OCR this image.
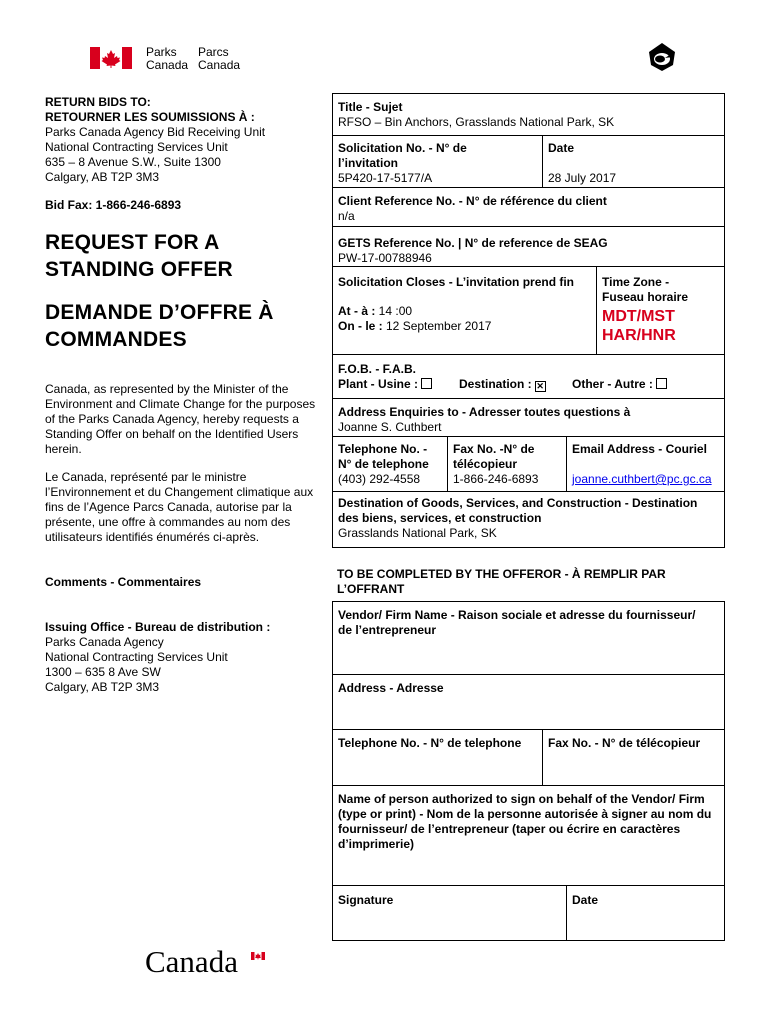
Parks
Canada
Parcs
Canada
RETURN BIDS TO:
RETOURNER LES SOUMISSIONS À :
Parks Canada Agency Bid Receiving Unit
National Contracting Services Unit
635 – 8 Avenue S.W., Suite 1300
Calgary, AB T2P 3M3
Bid Fax: 1-866-246-6893
REQUEST FOR A
STANDING OFFER
DEMANDE D’OFFRE À
COMMANDES
Canada, as represented by the Minister of the Environment and Climate Change for the purposes of the Parks Canada Agency, hereby requests a Standing Offer on behalf on the Identified Users herein.
Le Canada, représenté par le ministre l’Environnement et du Changement climatique aux fins de l’Agence Parcs Canada, autorise par la présente, une offre à commandes au nom des utilisateurs identifiés énumérés ci-après.
Comments - Commentaires
Issuing Office - Bureau de distribution :
Parks Canada Agency
National Contracting Services Unit
1300 – 635 8 Ave SW
Calgary, AB T2P 3M3
Title - Sujet
RFSO – Bin Anchors, Grasslands National Park, SK
Solicitation No. - N° de
l’invitation
5P420-17-5177/A
Date
28 July 2017
Client Reference No. - N° de référence du client
n/a
GETS Reference No. | N° de reference de SEAG
PW-17-00788946
Solicitation Closes - L’invitation prend fin
At - à : 14 :00
On - le : 12 September 2017
Time Zone -
Fuseau horaire
MDT/MST
HAR/HNR
F.O.B. - F.A.B.
Plant - Usine :	Destination : ✕ Other - Autre :
Address Enquiries to - Adresser toutes questions à
Joanne S. Cuthbert
Telephone No. -
N° de telephone
(403) 292-4558
Fax No. -N° de
télécopieur
1-866-246-6893
Email Address - Couriel
joanne.cuthbert@pc.gc.ca
Destination of Goods, Services, and Construction - Destination
des biens, services, et construction
Grasslands National Park, SK
TO BE COMPLETED BY THE OFFEROR - À REMPLIR PAR
L’OFFRANT
Vendor/ Firm Name - Raison sociale et adresse du fournisseur/
de l’entrepreneur
Address - Adresse
Telephone No. - N° de telephone	Fax No. - N° de télécopieur
Name of person authorized to sign on behalf of the Vendor/ Firm (type or print) - Nom de la personne autorisée à signer au nom du fournisseur/ de l’entrepreneur (taper ou écrire en caractères d’imprimerie)
Signature	Date
Canada
